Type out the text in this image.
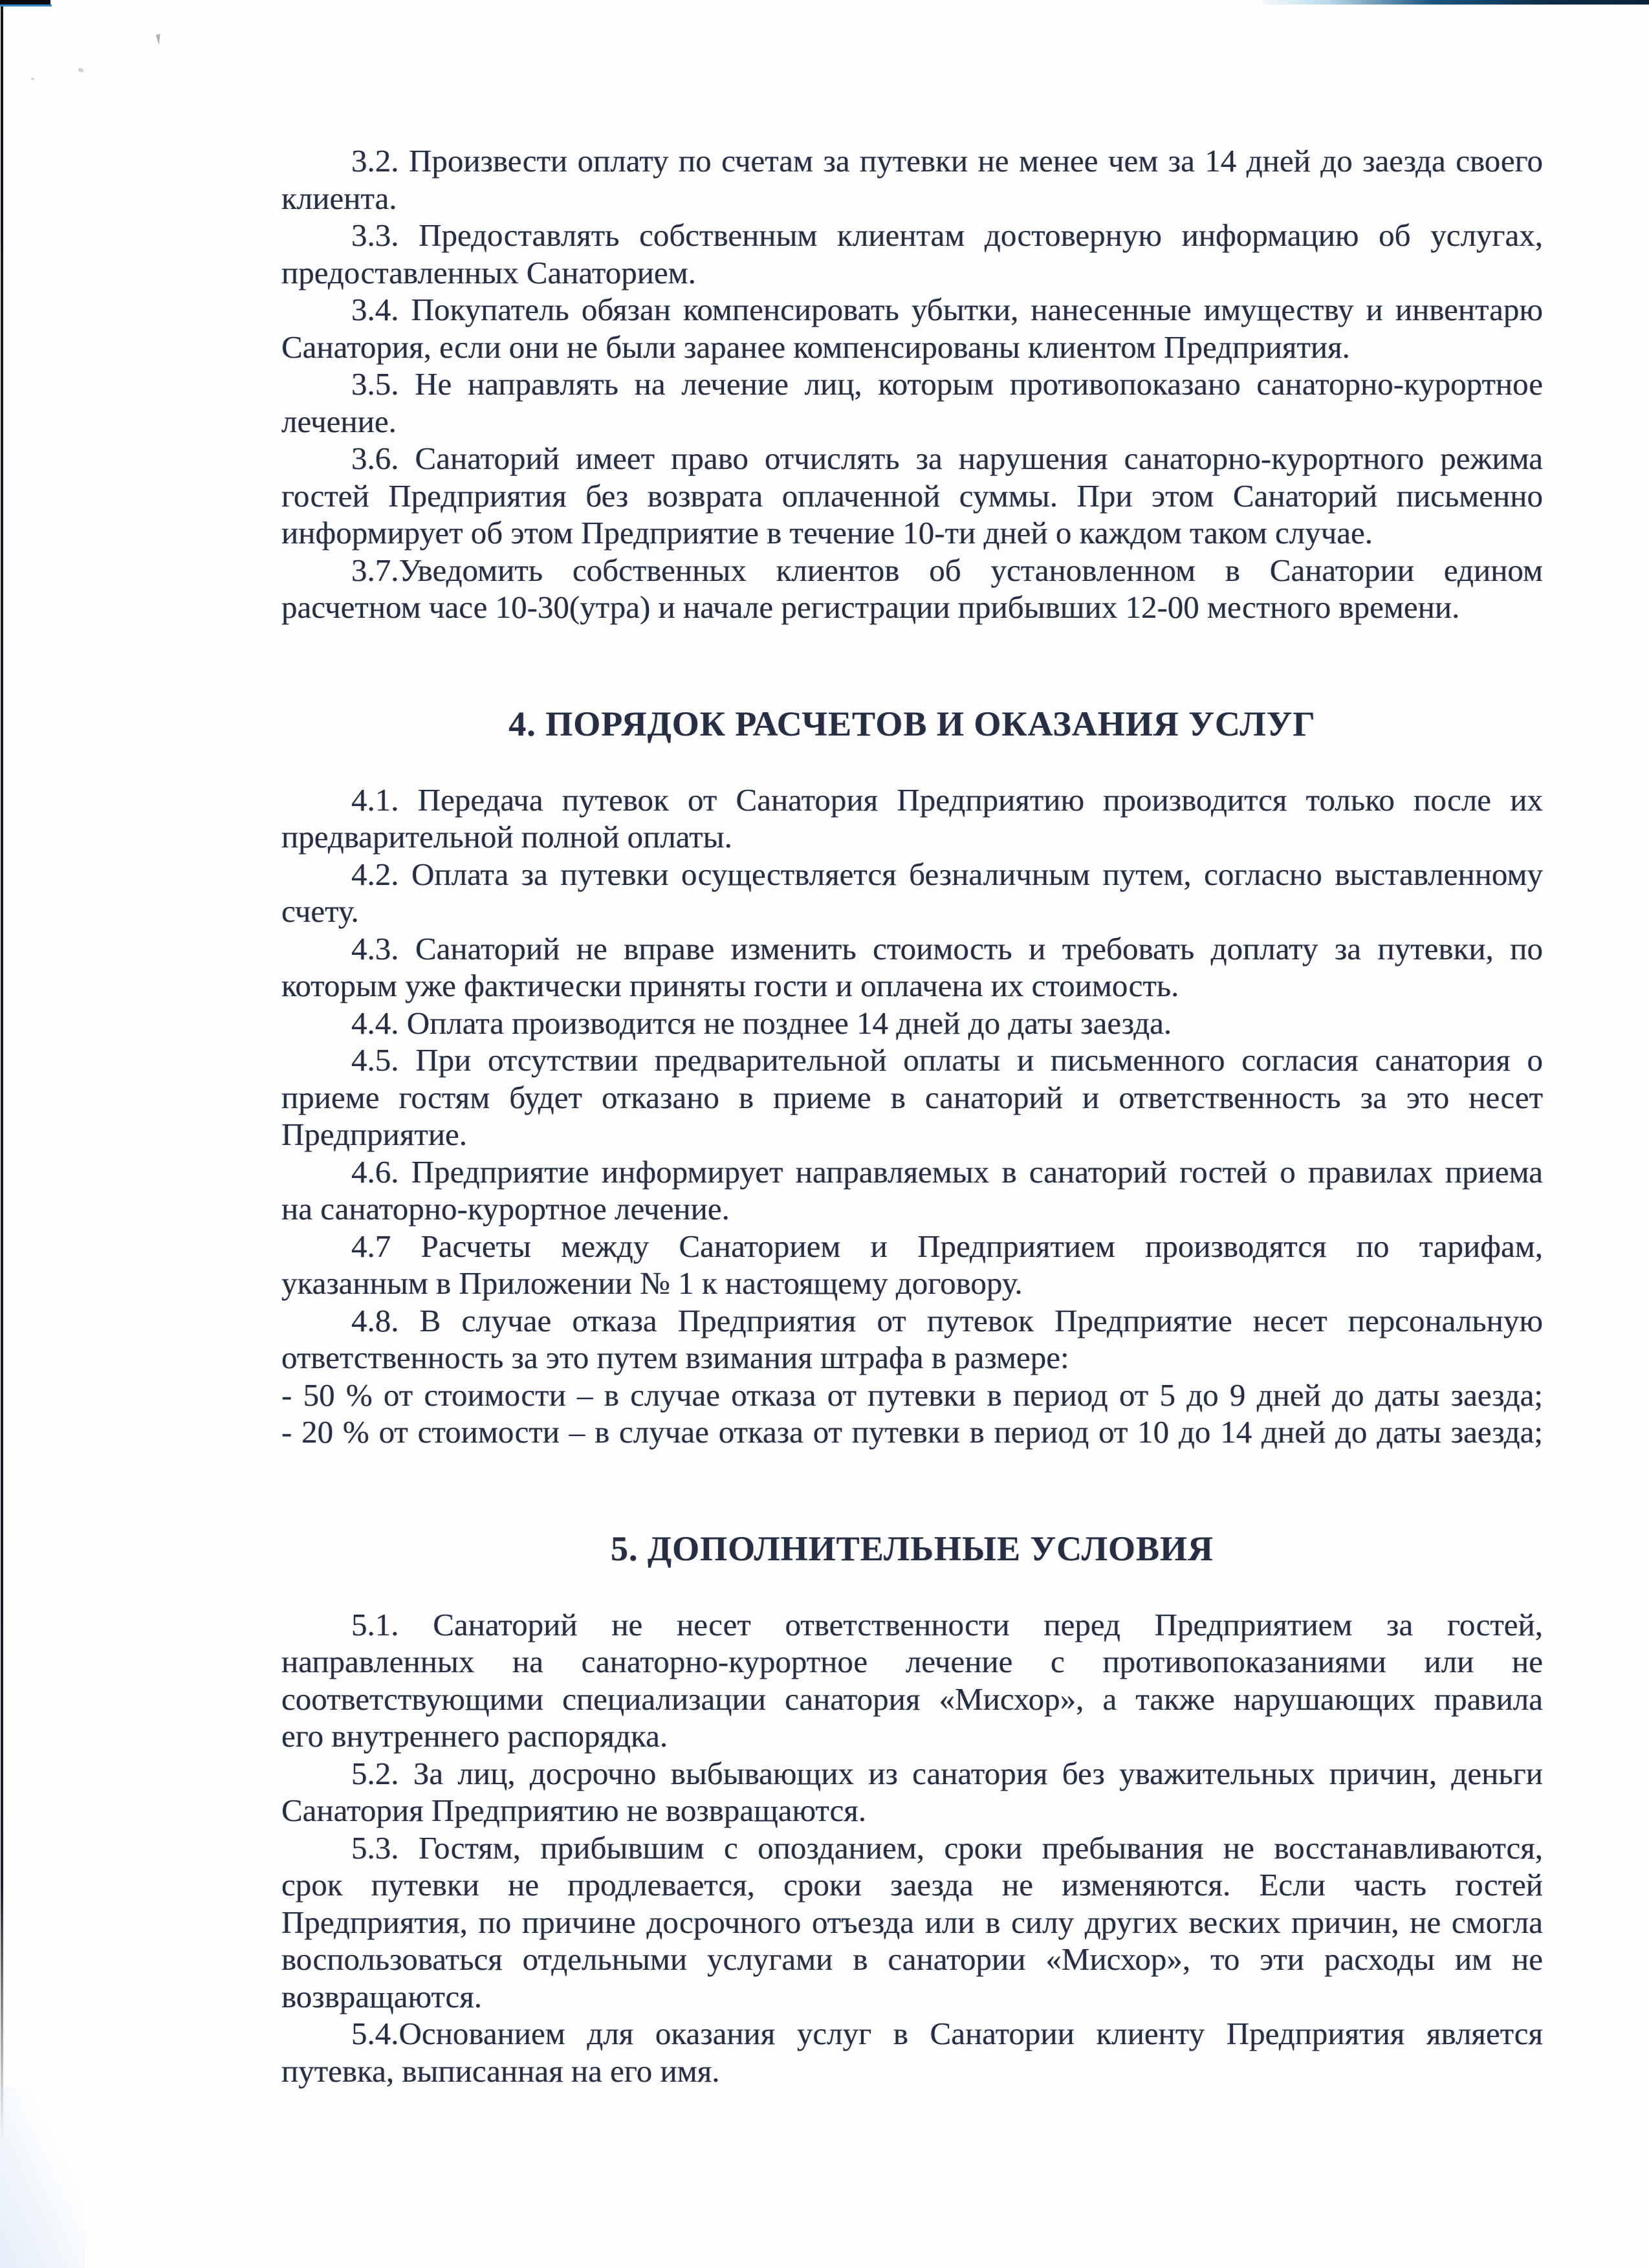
3.2. Произвести оплату по счетам за путевки не менее чем за 14 дней до заезда своего
клиента.
3.3. Предоставлять собственным клиентам достоверную информацию об услугах,
предоставленных Санаторием.
3.4. Покупатель обязан компенсировать убытки, нанесенные имуществу и инвентарю
Санатория, если они не были заранее компенсированы клиентом Предприятия.
3.5. Не направлять на лечение лиц, которым противопоказано санаторно-курортное
лечение.
3.6. Санаторий имеет право отчислять за нарушения санаторно-курортного режима
гостей Предприятия без возврата оплаченной суммы. При этом Санаторий письменно
информирует об этом Предприятие в течение 10-ти дней о каждом таком случае.
3.7.Уведомить собственных клиентов об установленном в Санатории едином
расчетном часе 10-30(утра) и начале регистрации прибывших 12-00 местного времени.
4. ПОРЯДОК РАСЧЕТОВ И ОКАЗАНИЯ УСЛУГ
4.1. Передача путевок от Санатория Предприятию производится только после их
предварительной полной оплаты.
4.2. Оплата за путевки осуществляется безналичным путем, согласно выставленному
счету.
4.3. Санаторий не вправе изменить стоимость и требовать доплату за путевки, по
которым уже фактически приняты гости и оплачена их стоимость.
4.4. Оплата производится не позднее 14 дней до даты заезда.
4.5. При отсутствии предварительной оплаты и письменного согласия санатория о
приеме гостям будет отказано в приеме в санаторий и ответственность за это несет
Предприятие.
4.6. Предприятие информирует направляемых в санаторий гостей о правилах приема
на санаторно-курортное лечение.
4.7 Расчеты между Санаторием и Предприятием производятся по тарифам,
указанным в Приложении № 1 к настоящему договору.
4.8. В случае отказа Предприятия от путевок Предприятие несет персональную
ответственность за это путем взимания штрафа в размере:
- 50 % от стоимости – в случае отказа от путевки в период от 5 до 9 дней до даты заезда;
- 20 % от стоимости – в случае отказа от путевки в период от 10 до 14 дней до даты заезда;
5. ДОПОЛНИТЕЛЬНЫЕ УСЛОВИЯ
5.1. Санаторий не несет ответственности перед Предприятием за гостей,
направленных на санаторно-курортное лечение с противопоказаниями или не
соответствующими специализации санатория «Мисхор», а также нарушающих правила
его внутреннего распорядка.
5.2. За лиц, досрочно выбывающих из санатория без уважительных причин, деньги
Санатория Предприятию не возвращаются.
5.3. Гостям, прибывшим с опозданием, сроки пребывания не восстанавливаются,
срок путевки не продлевается, сроки заезда не изменяются. Если часть гостей
Предприятия, по причине досрочного отъезда или в силу других веских причин, не смогла
воспользоваться отдельными услугами в санатории «Мисхор», то эти расходы им не
возвращаются.
5.4.Основанием для оказания услуг в Санатории клиенту Предприятия является
путевка, выписанная на его имя.
